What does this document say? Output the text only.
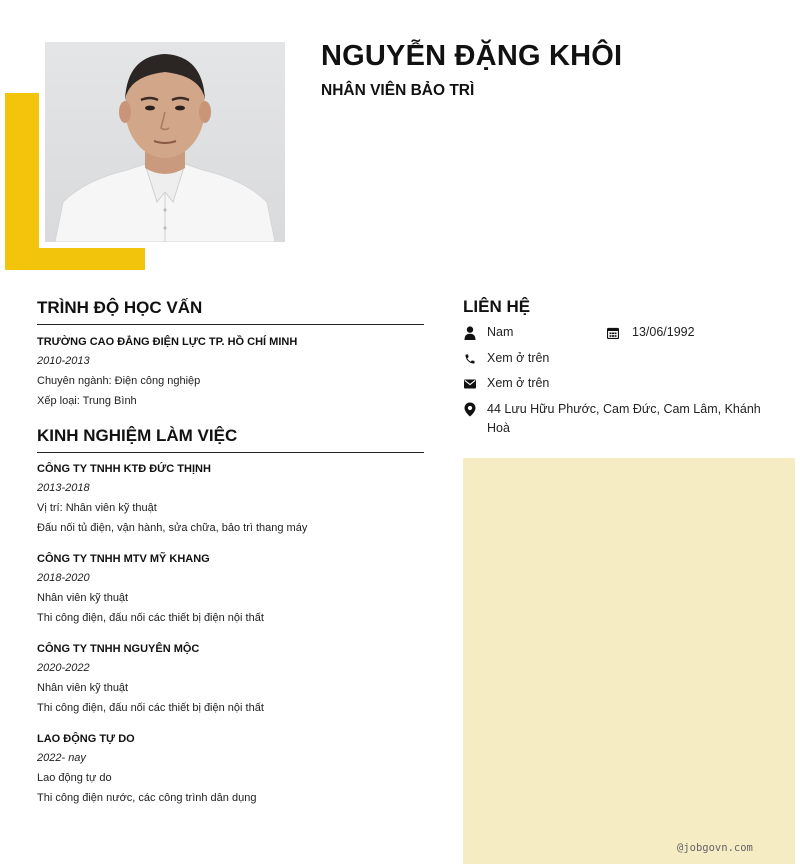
NGUYỄN ĐẶNG KHÔI
NHÂN VIÊN BẢO TRÌ
TRÌNH ĐỘ HỌC VẤN
TRƯỜNG CAO ĐẲNG ĐIỆN LỰC TP. HỒ CHÍ MINH
2010-2013
Chuyên ngành: Điện công nghiệp
Xếp loại: Trung Bình
KINH NGHIỆM LÀM VIỆC
CÔNG TY TNHH KTĐ ĐỨC THỊNH
2013-2018
Vị trí: Nhân viên kỹ thuật
Đấu nối tủ điện, vận hành, sửa chữa, bảo trì thang máy
CÔNG TY TNHH MTV MỸ KHANG
2018-2020
Nhân viên kỹ thuật
Thi công điện, đấu nối các thiết bị điện nội thất
CÔNG TY TNHH NGUYÊN MỘC
2020-2022
Nhân viên kỹ thuật
Thi công điện, đấu nối các thiết bị điện nội thất
LAO ĐỘNG TỰ DO
2022- nay
Lao động tự do
Thi công điện nước, các công trình dân dụng
LIÊN HỆ
Nam	13/06/1992
Xem ở trên
Xem ở trên
44 Lưu Hữu Phước, Cam Đức, Cam Lâm, Khánh Hoà
@jobgovn.com
